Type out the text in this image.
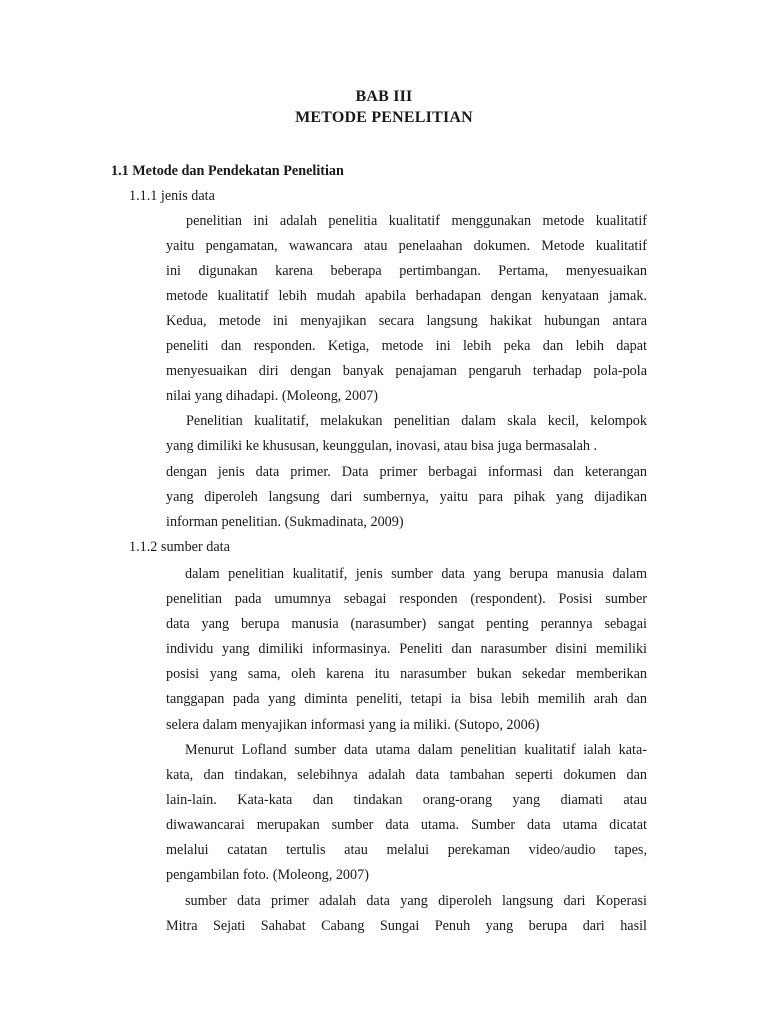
BAB III
METODE PENELITIAN
1.1 Metode dan Pendekatan Penelitian
1.1.1 jenis data
penelitian ini adalah penelitia kualitatif menggunakan metode kualitatif
yaitu pengamatan, wawancara atau penelaahan dokumen. Metode kualitatif
ini digunakan karena beberapa pertimbangan. Pertama, menyesuaikan
metode kualitatif lebih mudah apabila berhadapan dengan kenyataan jamak.
Kedua, metode ini menyajikan secara langsung hakikat hubungan antara
peneliti dan responden. Ketiga, metode ini lebih peka dan lebih dapat
menyesuaikan diri dengan banyak penajaman pengaruh terhadap pola-pola
nilai yang dihadapi. (Moleong, 2007)
Penelitian kualitatif, melakukan penelitian dalam skala kecil, kelompok
yang dimiliki ke khususan, keunggulan, inovasi, atau bisa juga bermasalah .
dengan jenis data primer. Data primer berbagai informasi dan keterangan
yang diperoleh langsung dari sumbernya, yaitu para pihak yang dijadikan
informan penelitian. (Sukmadinata, 2009)
1.1.2 sumber data
dalam penelitian kualitatif, jenis sumber data yang berupa manusia dalam
penelitian pada umumnya sebagai responden (respondent). Posisi sumber
data yang berupa manusia (narasumber) sangat penting perannya sebagai
individu yang dimiliki informasinya. Peneliti dan narasumber disini memiliki
posisi yang sama, oleh karena itu narasumber bukan sekedar memberikan
tanggapan pada yang diminta peneliti, tetapi ia bisa lebih memilih arah dan
selera dalam menyajikan informasi yang ia miliki. (Sutopo, 2006)
Menurut Lofland sumber data utama dalam penelitian kualitatif ialah kata-
kata, dan tindakan, selebihnya adalah data tambahan seperti dokumen dan
lain-lain. Kata-kata dan tindakan orang-orang yang diamati atau
diwawancarai merupakan sumber data utama. Sumber data utama dicatat
melalui catatan tertulis atau melalui perekaman video/audio tapes,
pengambilan foto. (Moleong, 2007)
sumber data primer adalah data yang diperoleh langsung dari Koperasi
Mitra Sejati Sahabat Cabang Sungai Penuh yang berupa dari hasil
